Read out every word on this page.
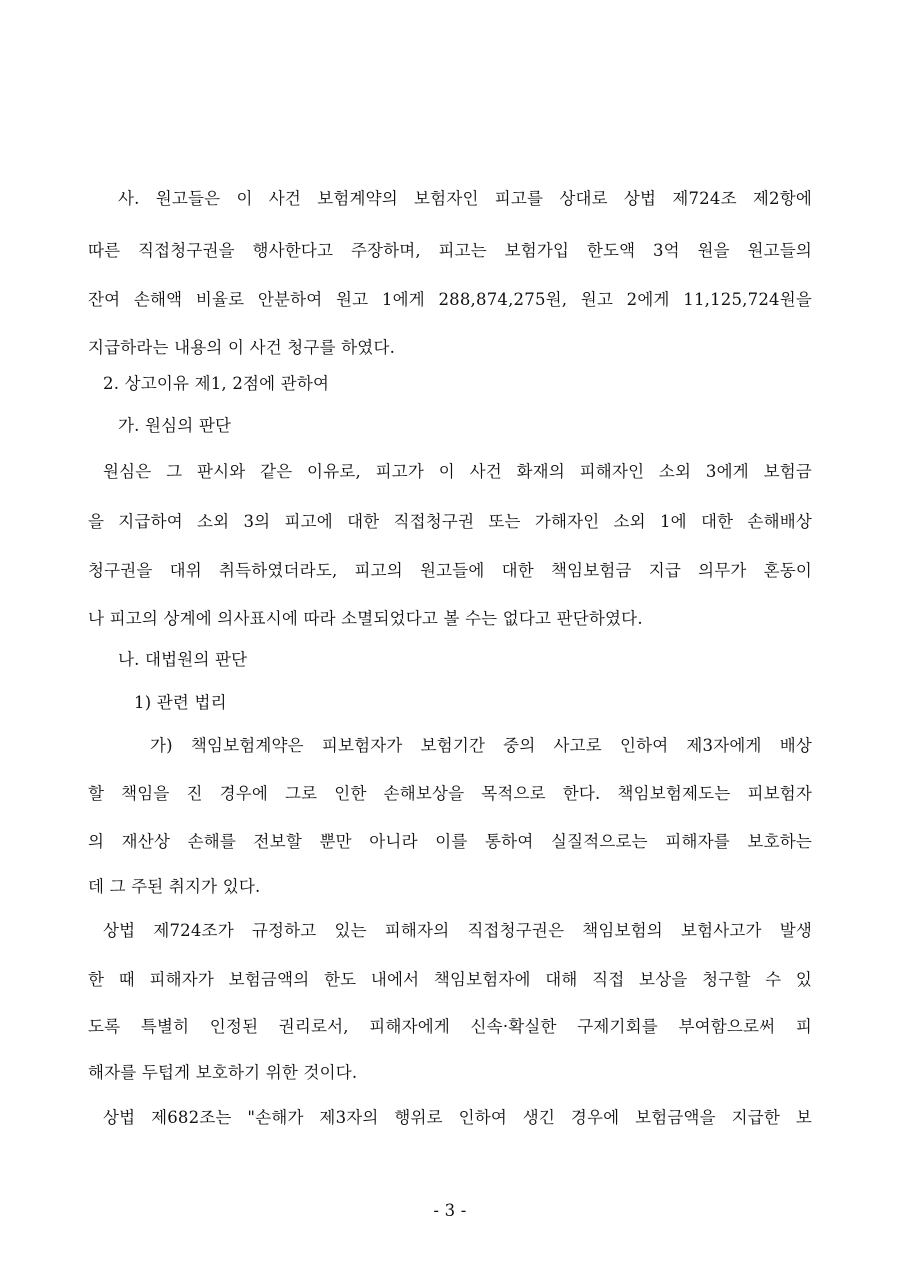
사. 원고들은 이 사건 보험계약의 보험자인 피고를 상대로 상법 제724조 제2항에
따른 직접청구권을 행사한다고 주장하며, 피고는 보험가입 한도액 3억 원을 원고들의
잔여 손해액 비율로 안분하여 원고 1에게 288,874,275원, 원고 2에게 11,125,724원을
지급하라는 내용의 이 사건 청구를 하였다.
2. 상고이유 제1, 2점에 관하여
가. 원심의 판단
원심은 그 판시와 같은 이유로, 피고가 이 사건 화재의 피해자인 소외 3에게 보험금
을 지급하여 소외 3의 피고에 대한 직접청구권 또는 가해자인 소외 1에 대한 손해배상
청구권을 대위 취득하였더라도, 피고의 원고들에 대한 책임보험금 지급 의무가 혼동이
나 피고의 상계에 의사표시에 따라 소멸되었다고 볼 수는 없다고 판단하였다.
나. 대법원의 판단
1) 관련 법리
가) 책임보험계약은 피보험자가 보험기간 중의 사고로 인하여 제3자에게 배상
할 책임을 진 경우에 그로 인한 손해보상을 목적으로 한다. 책임보험제도는 피보험자
의 재산상 손해를 전보할 뿐만 아니라 이를 통하여 실질적으로는 피해자를 보호하는
데 그 주된 취지가 있다.
상법 제724조가 규정하고 있는 피해자의 직접청구권은 책임보험의 보험사고가 발생
한 때 피해자가 보험금액의 한도 내에서 책임보험자에 대해 직접 보상을 청구할 수 있
도록 특별히 인정된 권리로서, 피해자에게 신속·확실한 구제기회를 부여함으로써 피
해자를 두텁게 보호하기 위한 것이다.
상법 제682조는 "손해가 제3자의 행위로 인하여 생긴 경우에 보험금액을 지급한 보
- 3 -
